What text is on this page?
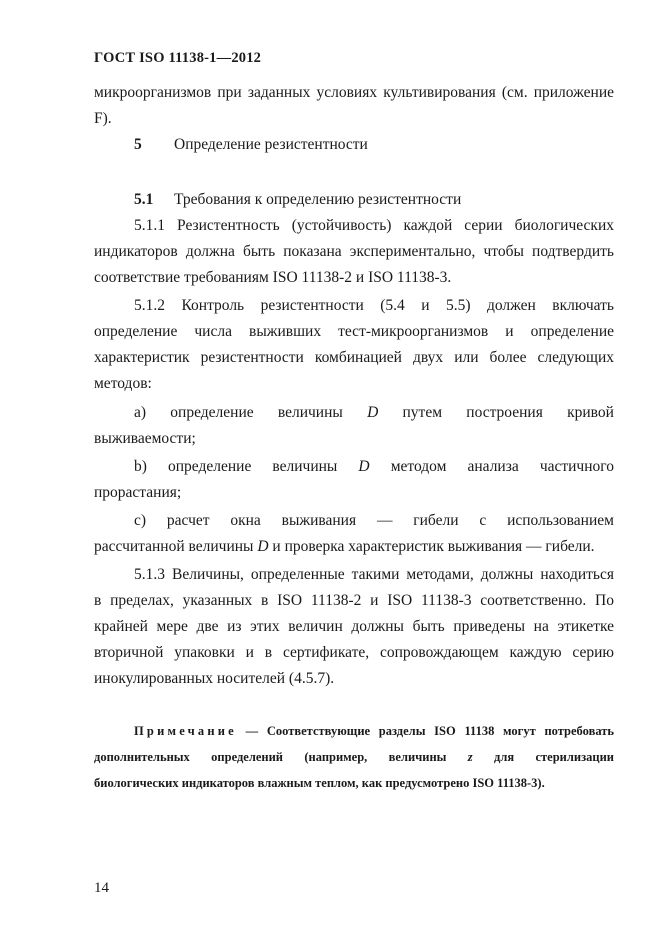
ГОСТ ISO 11138-1—2012
микроорганизмов при заданных условиях культивирования (см. приложение
F).
5 Определение резистентности
5.1 Требования к определению резистентности
5.1.1 Резистентность (устойчивость) каждой серии биологических
индикаторов должна быть показана экспериментально, чтобы подтвердить
соответствие требованиям ISO 11138-2 и ISO 11138-3.
5.1.2 Контроль резистентности (5.4 и 5.5) должен включать
определение числа выживших тест-микроорганизмов и определение
характеристик резистентности комбинацией двух или более следующих
методов:
a) определение величины D путем построения кривой
выживаемости;
b) определение величины D методом анализа частичного
прорастания;
c) расчет окна выживания — гибели с использованием
рассчитанной величины D и проверка характеристик выживания — гибели.
5.1.3 Величины, определенные такими методами, должны находиться
в пределах, указанных в ISO 11138-2 и ISO 11138-3 соответственно. По
крайней мере две из этих величин должны быть приведены на этикетке
вторичной упаковки и в сертификате, сопровождающем каждую серию
инокулированных носителей (4.5.7).
Примечание — Соответствующие разделы ISO 11138 могут потребовать
дополнительных определений (например, величины z для стерилизации
биологических индикаторов влажным теплом, как предусмотрено ISO 11138-3).
14
